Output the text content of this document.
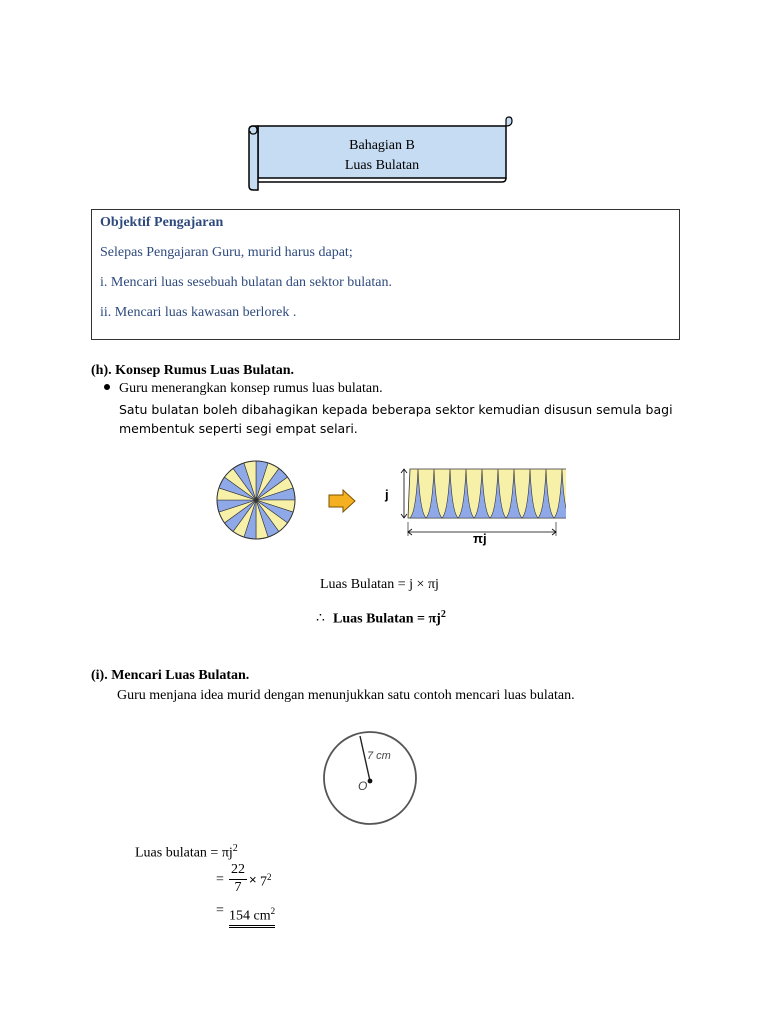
Bahagian B
Luas Bulatan
Objektif Pengajaran
Selepas Pengajaran Guru, murid harus dapat;
i. Mencari luas sesebuah bulatan dan sektor bulatan.
ii. Mencari luas kawasan berlorek .
(h). Konsep Rumus Luas Bulatan.
Guru menerangkan konsep rumus luas bulatan.
Satu bulatan boleh dibahagikan kepada beberapa sektor kemudian disusun semula bagi
membentuk seperti segi empat selari.
j
πj
Luas Bulatan = j × πj
∴ Luas Bulatan = $\pi j^2$
(i). Mencari Luas Bulatan.
Guru menjana idea murid dengan menunjukkan satu contoh mencari luas bulatan.
7 cm
O
Luas bulatan = $\pi j^2$
=
22
7
× $7^2$
= 154 $cm^2$
